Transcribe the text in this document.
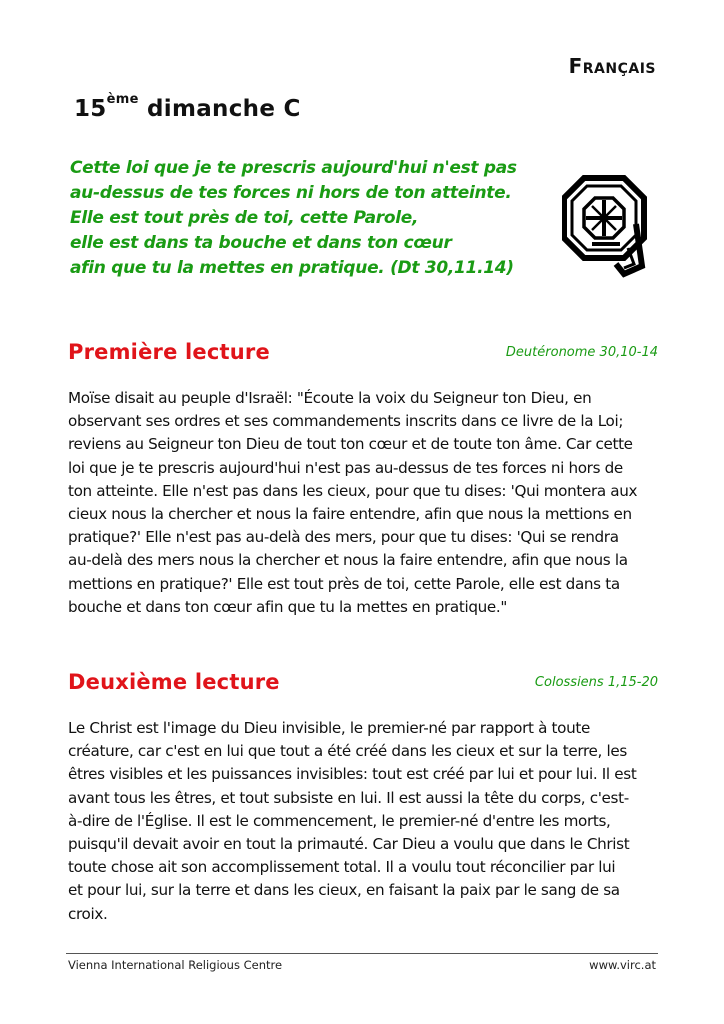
Français
15ème dimanche C
Cette loi que je te prescris aujourd'hui n'est pas
au-dessus de tes forces ni hors de ton atteinte.
Elle est tout près de toi, cette Parole,
elle est dans ta bouche et dans ton cœur
afin que tu la mettes en pratique. (Dt 30,11.14)
Première lecture	Deutéronome 30,10-14
Moïse disait au peuple d'Israël: "Écoute la voix du Seigneur ton Dieu, en
observant ses ordres et ses commandements inscrits dans ce livre de la Loi;
reviens au Seigneur ton Dieu de tout ton cœur et de toute ton âme. Car cette
loi que je te prescris aujourd'hui n'est pas au-dessus de tes forces ni hors de
ton atteinte. Elle n'est pas dans les cieux, pour que tu dises: 'Qui montera aux
cieux nous la chercher et nous la faire entendre, afin que nous la mettions en
pratique?' Elle n'est pas au-delà des mers, pour que tu dises: 'Qui se rendra
au-delà des mers nous la chercher et nous la faire entendre, afin que nous la
mettions en pratique?' Elle est tout près de toi, cette Parole, elle est dans ta
bouche et dans ton cœur afin que tu la mettes en pratique."
Deuxième lecture	Colossiens 1,15-20
Le Christ est l'image du Dieu invisible, le premier-né par rapport à toute
créature, car c'est en lui que tout a été créé dans les cieux et sur la terre, les
êtres visibles et les puissances invisibles: tout est créé par lui et pour lui. Il est
avant tous les êtres, et tout subsiste en lui. Il est aussi la tête du corps, c'est-
à-dire de l'Église. Il est le commencement, le premier-né d'entre les morts,
puisqu'il devait avoir en tout la primauté. Car Dieu a voulu que dans le Christ
toute chose ait son accomplissement total. Il a voulu tout réconcilier par lui
et pour lui, sur la terre et dans les cieux, en faisant la paix par le sang de sa
croix.
Vienna International Religious Centre	www.virc.at
